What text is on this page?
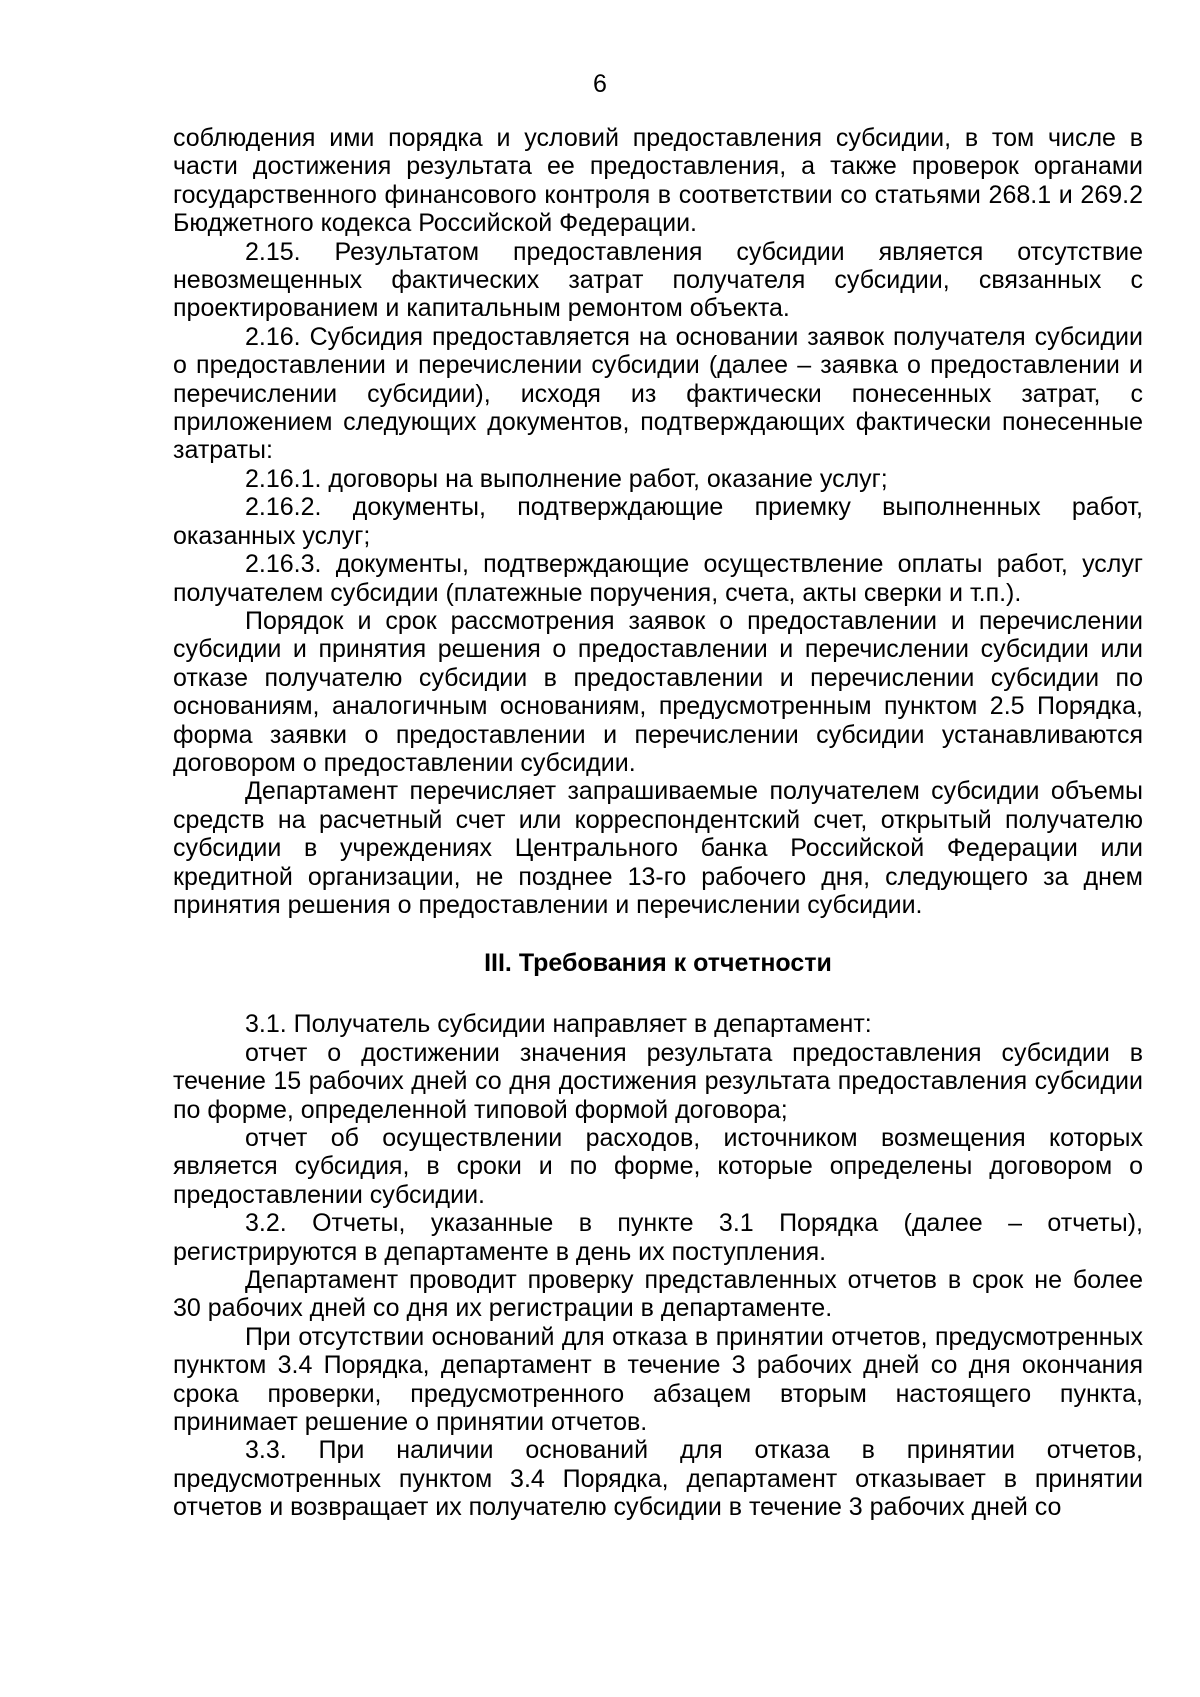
6

соблюдения ими порядка и условий предоставления субсидии, в том числе в части достижения результата ее предоставления, а также проверок органами государственного финансового контроля в соответствии со статьями 268.1 и 269.2 Бюджетного кодекса Российской Федерации.

2.15. Результатом предоставления субсидии является отсутствие невозмещенных фактических затрат получателя субсидии, связанных с проектированием и капитальным ремонтом объекта.

2.16. Субсидия предоставляется на основании заявок получателя субсидии о предоставлении и перечислении субсидии (далее – заявка о предоставлении и перечислении субсидии), исходя из фактически понесенных затрат, с приложением следующих документов, подтверждающих фактически понесенные затраты:

2.16.1. договоры на выполнение работ, оказание услуг;

2.16.2. документы, подтверждающие приемку выполненных работ, оказанных услуг;

2.16.3. документы, подтверждающие осуществление оплаты работ, услуг получателем субсидии (платежные поручения, счета, акты сверки и т.п.).

Порядок и срок рассмотрения заявок о предоставлении и перечислении субсидии и принятия решения о предоставлении и перечислении субсидии или отказе получателю субсидии в предоставлении и перечислении субсидии по основаниям, аналогичным основаниям, предусмотренным пунктом 2.5 Порядка, форма заявки о предоставлении и перечислении субсидии устанавливаются договором о предоставлении субсидии.

Департамент перечисляет запрашиваемые получателем субсидии объемы средств на расчетный счет или корреспондентский счет, открытый получателю субсидии в учреждениях Центрального банка Российской Федерации или кредитной организации, не позднее 13-го рабочего дня, следующего за днем принятия решения о предоставлении и перечислении субсидии.

III. Требования к отчетности

3.1. Получатель субсидии направляет в департамент:

отчет о достижении значения результата предоставления субсидии в течение 15 рабочих дней со дня достижения результата предоставления субсидии по форме, определенной типовой формой договора;

отчет об осуществлении расходов, источником возмещения которых является субсидия, в сроки и по форме, которые определены договором о предоставлении субсидии.

3.2. Отчеты, указанные в пункте 3.1 Порядка (далее – отчеты), регистрируются в департаменте в день их поступления.

Департамент проводит проверку представленных отчетов в срок не более 30 рабочих дней со дня их регистрации в департаменте.

При отсутствии оснований для отказа в принятии отчетов, предусмотренных пунктом 3.4 Порядка, департамент в течение 3 рабочих дней со дня окончания срока проверки, предусмотренного абзацем вторым настоящего пункта, принимает решение о принятии отчетов.

3.3. При наличии оснований для отказа в принятии отчетов, предусмотренных пунктом 3.4 Порядка, департамент отказывает в принятии отчетов и возвращает их получателю субсидии в течение 3 рабочих дней со
